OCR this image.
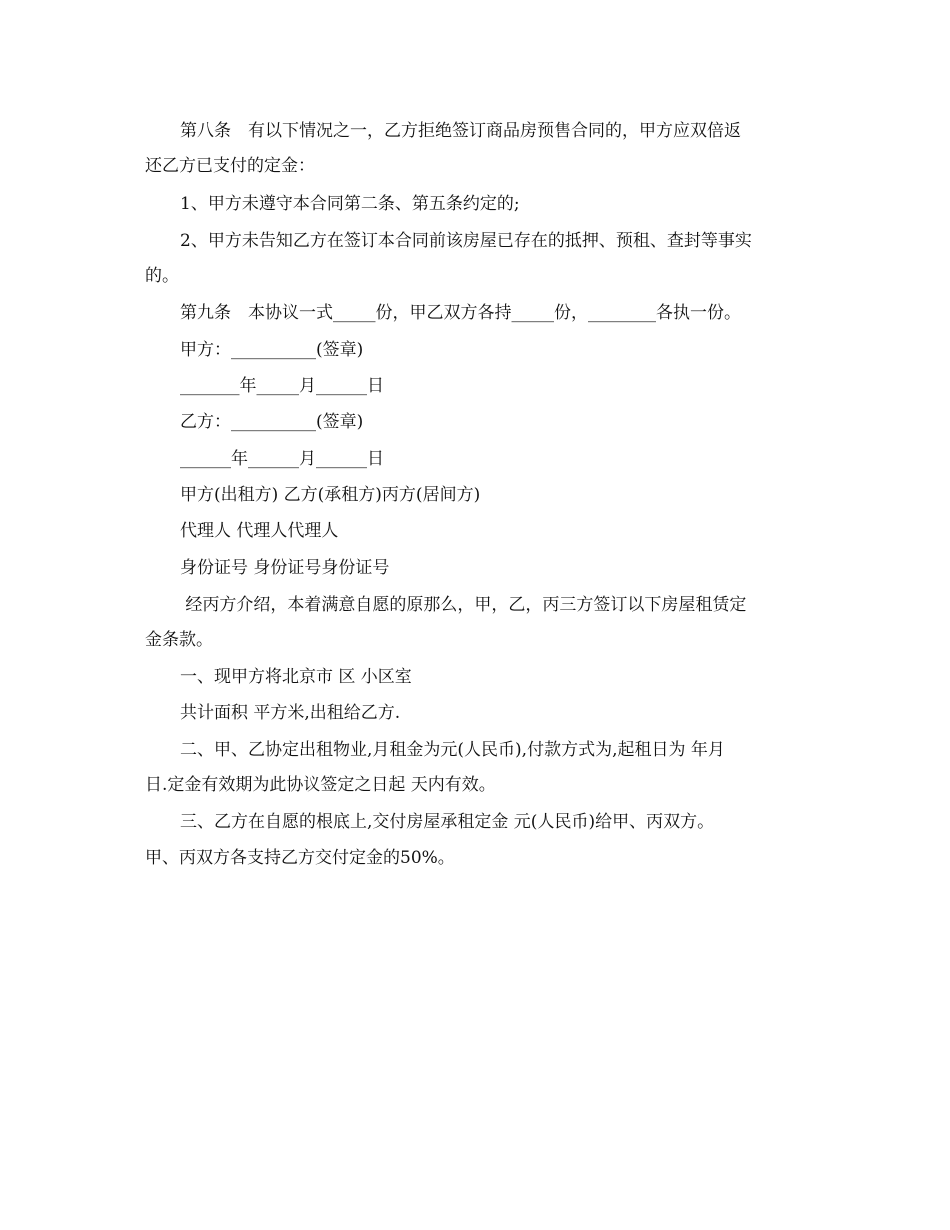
第八条　有以下情况之一，乙方拒绝签订商品房预售合同的，甲方应双倍返
还乙方已支付的定金：
1、甲方未遵守本合同第二条、第五条约定的;
2、甲方未告知乙方在签订本合同前该房屋已存在的抵押、预租、查封等事实
的。
第九条　本协议一式_____份，甲乙双方各持_____份，________各执一份。
甲方：__________(签章)
_______年_____月______日
乙方：__________(签章)
______年______月______日
甲方(出租方) 乙方(承租方)丙方(居间方)
代理人 代理人代理人
身份证号 身份证号身份证号
经丙方介绍，本着满意自愿的原那么，甲，乙，丙三方签订以下房屋租赁定
金条款。
一、现甲方将北京市 区 小区室
共计面积 平方米,出租给乙方.
二、甲、乙协定出租物业,月租金为元(人民币),付款方式为,起租日为 年月
日.定金有效期为此协议签定之日起 天内有效。
三、乙方在自愿的根底上,交付房屋承租定金 元(人民币)给甲、丙双方。
甲、丙双方各支持乙方交付定金的50%。
